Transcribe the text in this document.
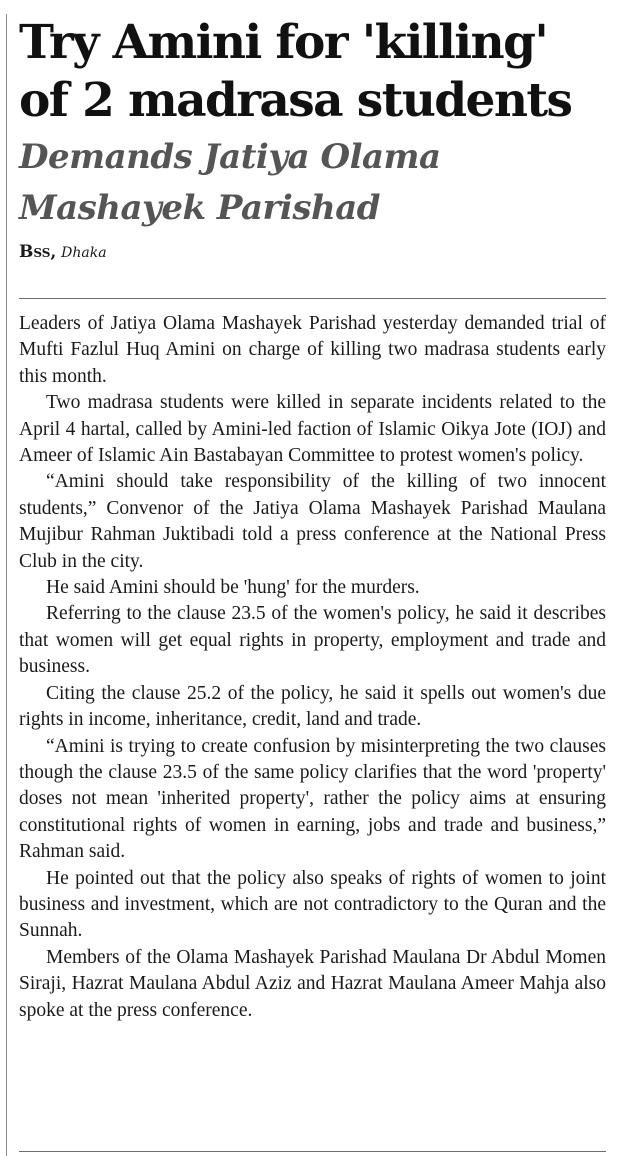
Try Amini for 'killing'
of 2 madrasa students
Demands Jatiya Olama
Mashayek Parishad
Bss, Dhaka

Leaders of Jatiya Olama Mashayek Parishad yesterday demanded trial of Mufti Fazlul Huq Amini on charge of killing two madrasa students early this month.

Two madrasa students were killed in separate incidents related to the April 4 hartal, called by Amini-led faction of Islamic Oikya Jote (IOJ) and Ameer of Islamic Ain Bastabayan Committee to protest women's policy.

“Amini should take responsibility of the killing of two innocent students,” Convenor of the Jatiya Olama Mashayek Parishad Maulana Mujibur Rahman Juktibadi told a press conference at the National Press Club in the city.

He said Amini should be 'hung' for the murders.

Referring to the clause 23.5 of the women's policy, he said it describes that women will get equal rights in property, employment and trade and business.

Citing the clause 25.2 of the policy, he said it spells out women's due rights in income, inheritance, credit, land and trade.

“Amini is trying to create confusion by misinterpreting the two clauses though the clause 23.5 of the same policy clarifies that the word 'property' doses not mean 'inherited property', rather the policy aims at ensuring constitutional rights of women in earning, jobs and trade and business,” Rahman said.

He pointed out that the policy also speaks of rights of women to joint business and investment, which are not contradictory to the Quran and the Sunnah.

Members of the Olama Mashayek Parishad Maulana Dr Abdul Momen Siraji, Hazrat Maulana Abdul Aziz and Hazrat Maulana Ameer Mahja also spoke at the press conference.
